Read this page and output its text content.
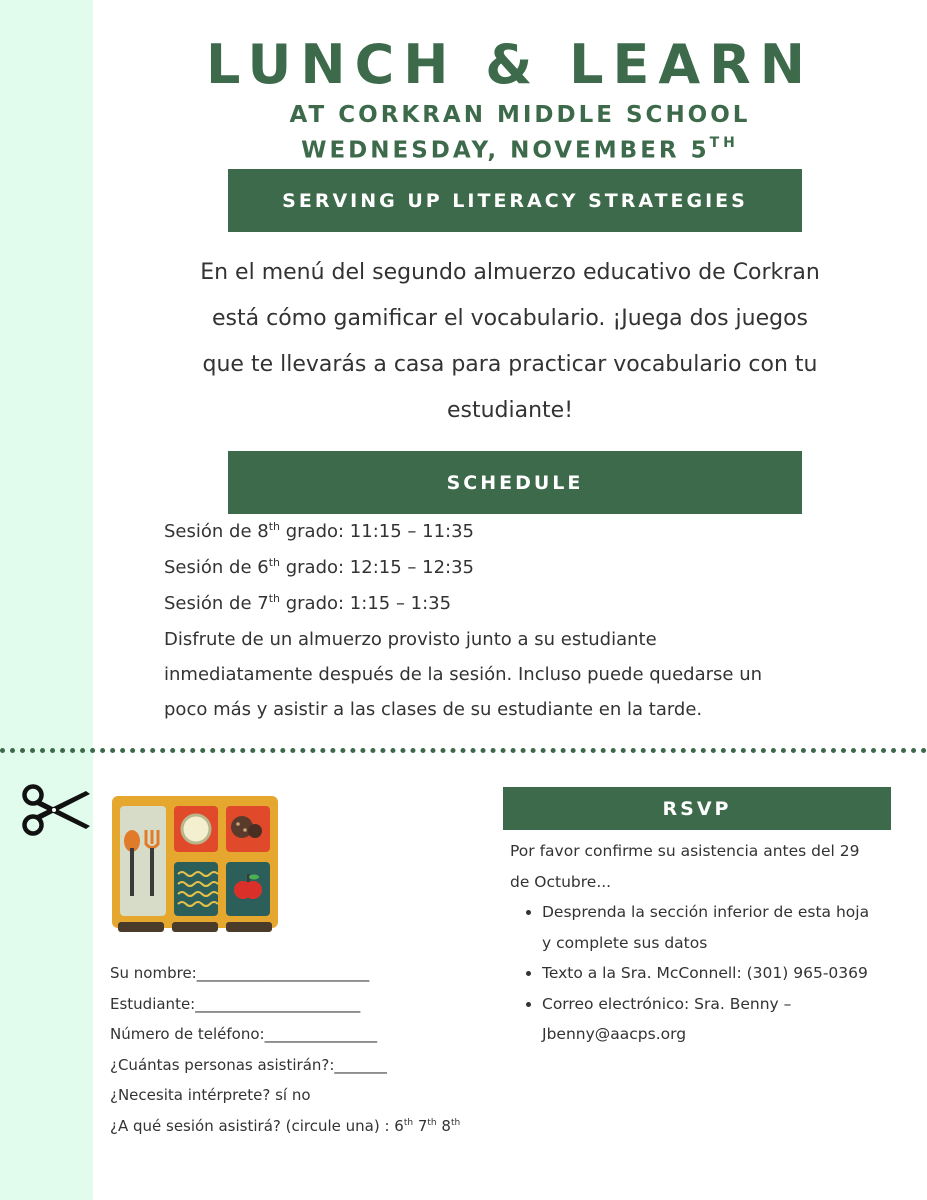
LUNCH & LEARN
AT CORKRAN MIDDLE SCHOOL
WEDNESDAY, NOVEMBER 5TH
SERVING UP LITERACY STRATEGIES
En el menú del segundo almuerzo educativo de Corkran
está cómo gamificar el vocabulario. ¡Juega dos juegos
que te llevarás a casa para practicar vocabulario con tu
estudiante!
SCHEDULE
Sesión de 8th grado: 11:15 – 11:35
Sesión de 6th grado: 12:15 – 12:35
Sesión de 7th grado: 1:15 – 1:35
Disfrute de un almuerzo provisto junto a su estudiante
inmediatamente después de la sesión. Incluso puede quedarse un
poco más y asistir a las clases de su estudiante en la tarde.
Su nombre:_______________________
Estudiante:______________________
Número de teléfono:_______________
¿Cuántas personas asistirán?:_______
¿Necesita intérprete? sí no
¿A qué sesión asistirá? (circule una) : 6th 7th 8th
RSVP
Por favor confirme su asistencia antes del 29
de Octubre...
• Desprenda la sección inferior de esta hoja
y complete sus datos
• Texto a la Sra. McConnell: (301) 965-0369
• Correo electrónico: Sra. Benny –
Jbenny@aacps.org
